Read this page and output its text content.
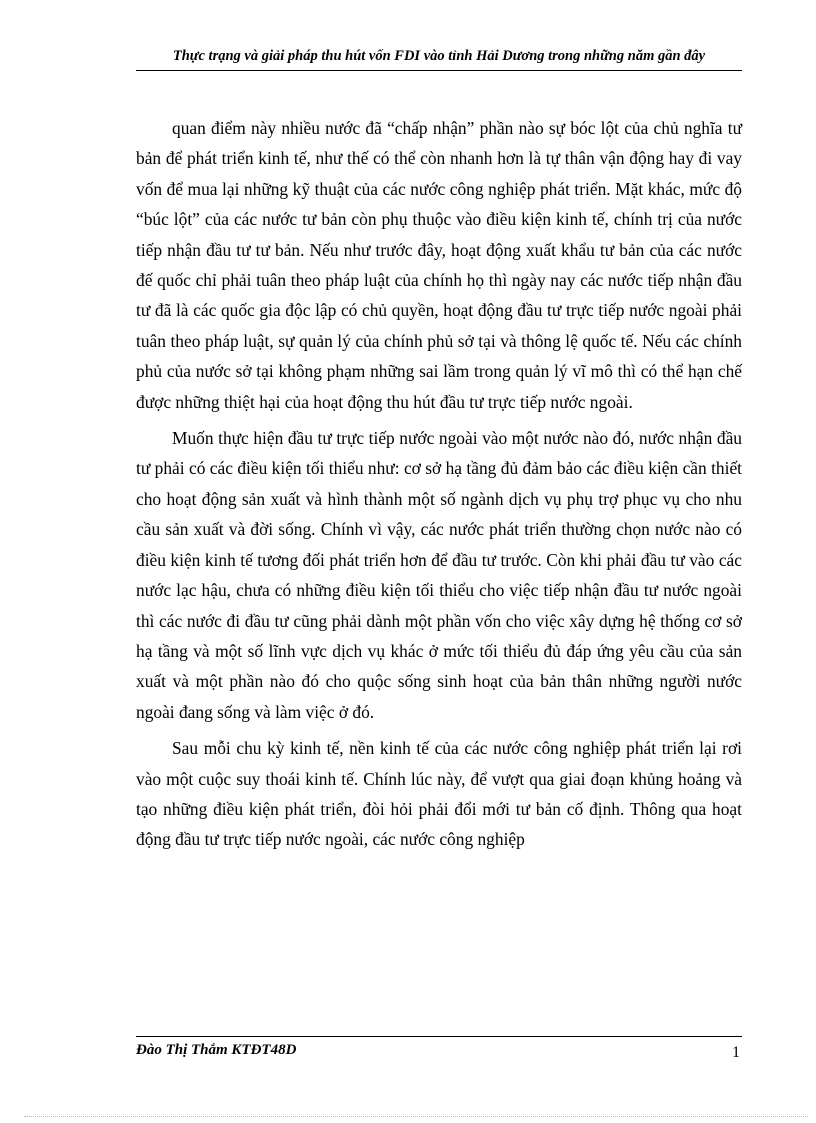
Thực trạng và giải pháp thu hút vốn FDI vào tỉnh Hải Dương trong những năm gần đây

quan điểm này nhiều nước đã “chấp nhận” phần nào sự bóc lột của chủ nghĩa tư bản để phát triển kinh tế, như thế có thể còn nhanh hơn là tự thân vận động hay đi vay vốn để mua lại những kỹ thuật của các nước công nghiệp phát triển. Mặt khác, mức độ “búc lột” của các nước tư bản còn phụ thuộc vào điều kiện kinh tế, chính trị của nước tiếp nhận đầu tư tư bản. Nếu như trước đây, hoạt động xuất khẩu tư bản của các nước đế quốc chỉ phải tuân theo pháp luật của chính họ thì ngày nay các nước tiếp nhận đầu tư đã là các quốc gia độc lập có chủ quyền, hoạt động đầu tư trực tiếp nước ngoài phải tuân theo pháp luật, sự quản lý của chính phủ sở tại và thông lệ quốc tế. Nếu các chính phủ của nước sở tại không phạm những sai lầm trong quản lý vĩ mô thì có thể hạn chế được những thiệt hại của hoạt động thu hút đầu tư trực tiếp nước ngoài.

Muốn thực hiện đầu tư trực tiếp nước ngoài vào một nước nào đó, nước nhận đầu tư phải có các điều kiện tối thiểu như: cơ sở hạ tầng đủ đảm bảo các điều kiện cần thiết cho hoạt động sản xuất và hình thành một số ngành dịch vụ phụ trợ phục vụ cho nhu cầu sản xuất và đời sống. Chính vì vậy, các nước phát triển thường chọn nước nào có điều kiện kinh tế tương đối phát triển hơn để đầu tư trước. Còn khi phải đầu tư vào các nước lạc hậu, chưa có những điều kiện tối thiểu cho việc tiếp nhận đầu tư nước ngoài thì các nước đi đầu tư cũng phải dành một phần vốn cho việc xây dựng hệ thống cơ sở hạ tầng và một số lĩnh vực dịch vụ khác ở mức tối thiểu đủ đáp ứng yêu cầu của sản xuất và một phần nào đó cho quộc sống sinh hoạt của bản thân những người nước ngoài đang sống và làm việc ở đó.

Sau mỗi chu kỳ kinh tế, nền kinh tế của các nước công nghiệp phát triển lại rơi vào một cuộc suy thoái kinh tế. Chính lúc này, để vượt qua giai đoạn khủng hoảng và tạo những điều kiện phát triển, đòi hỏi phải đổi mới tư bản cố định. Thông qua hoạt động đầu tư trực tiếp nước ngoài, các nước công nghiệp

Đào Thị Thắm KTĐT48D	1
